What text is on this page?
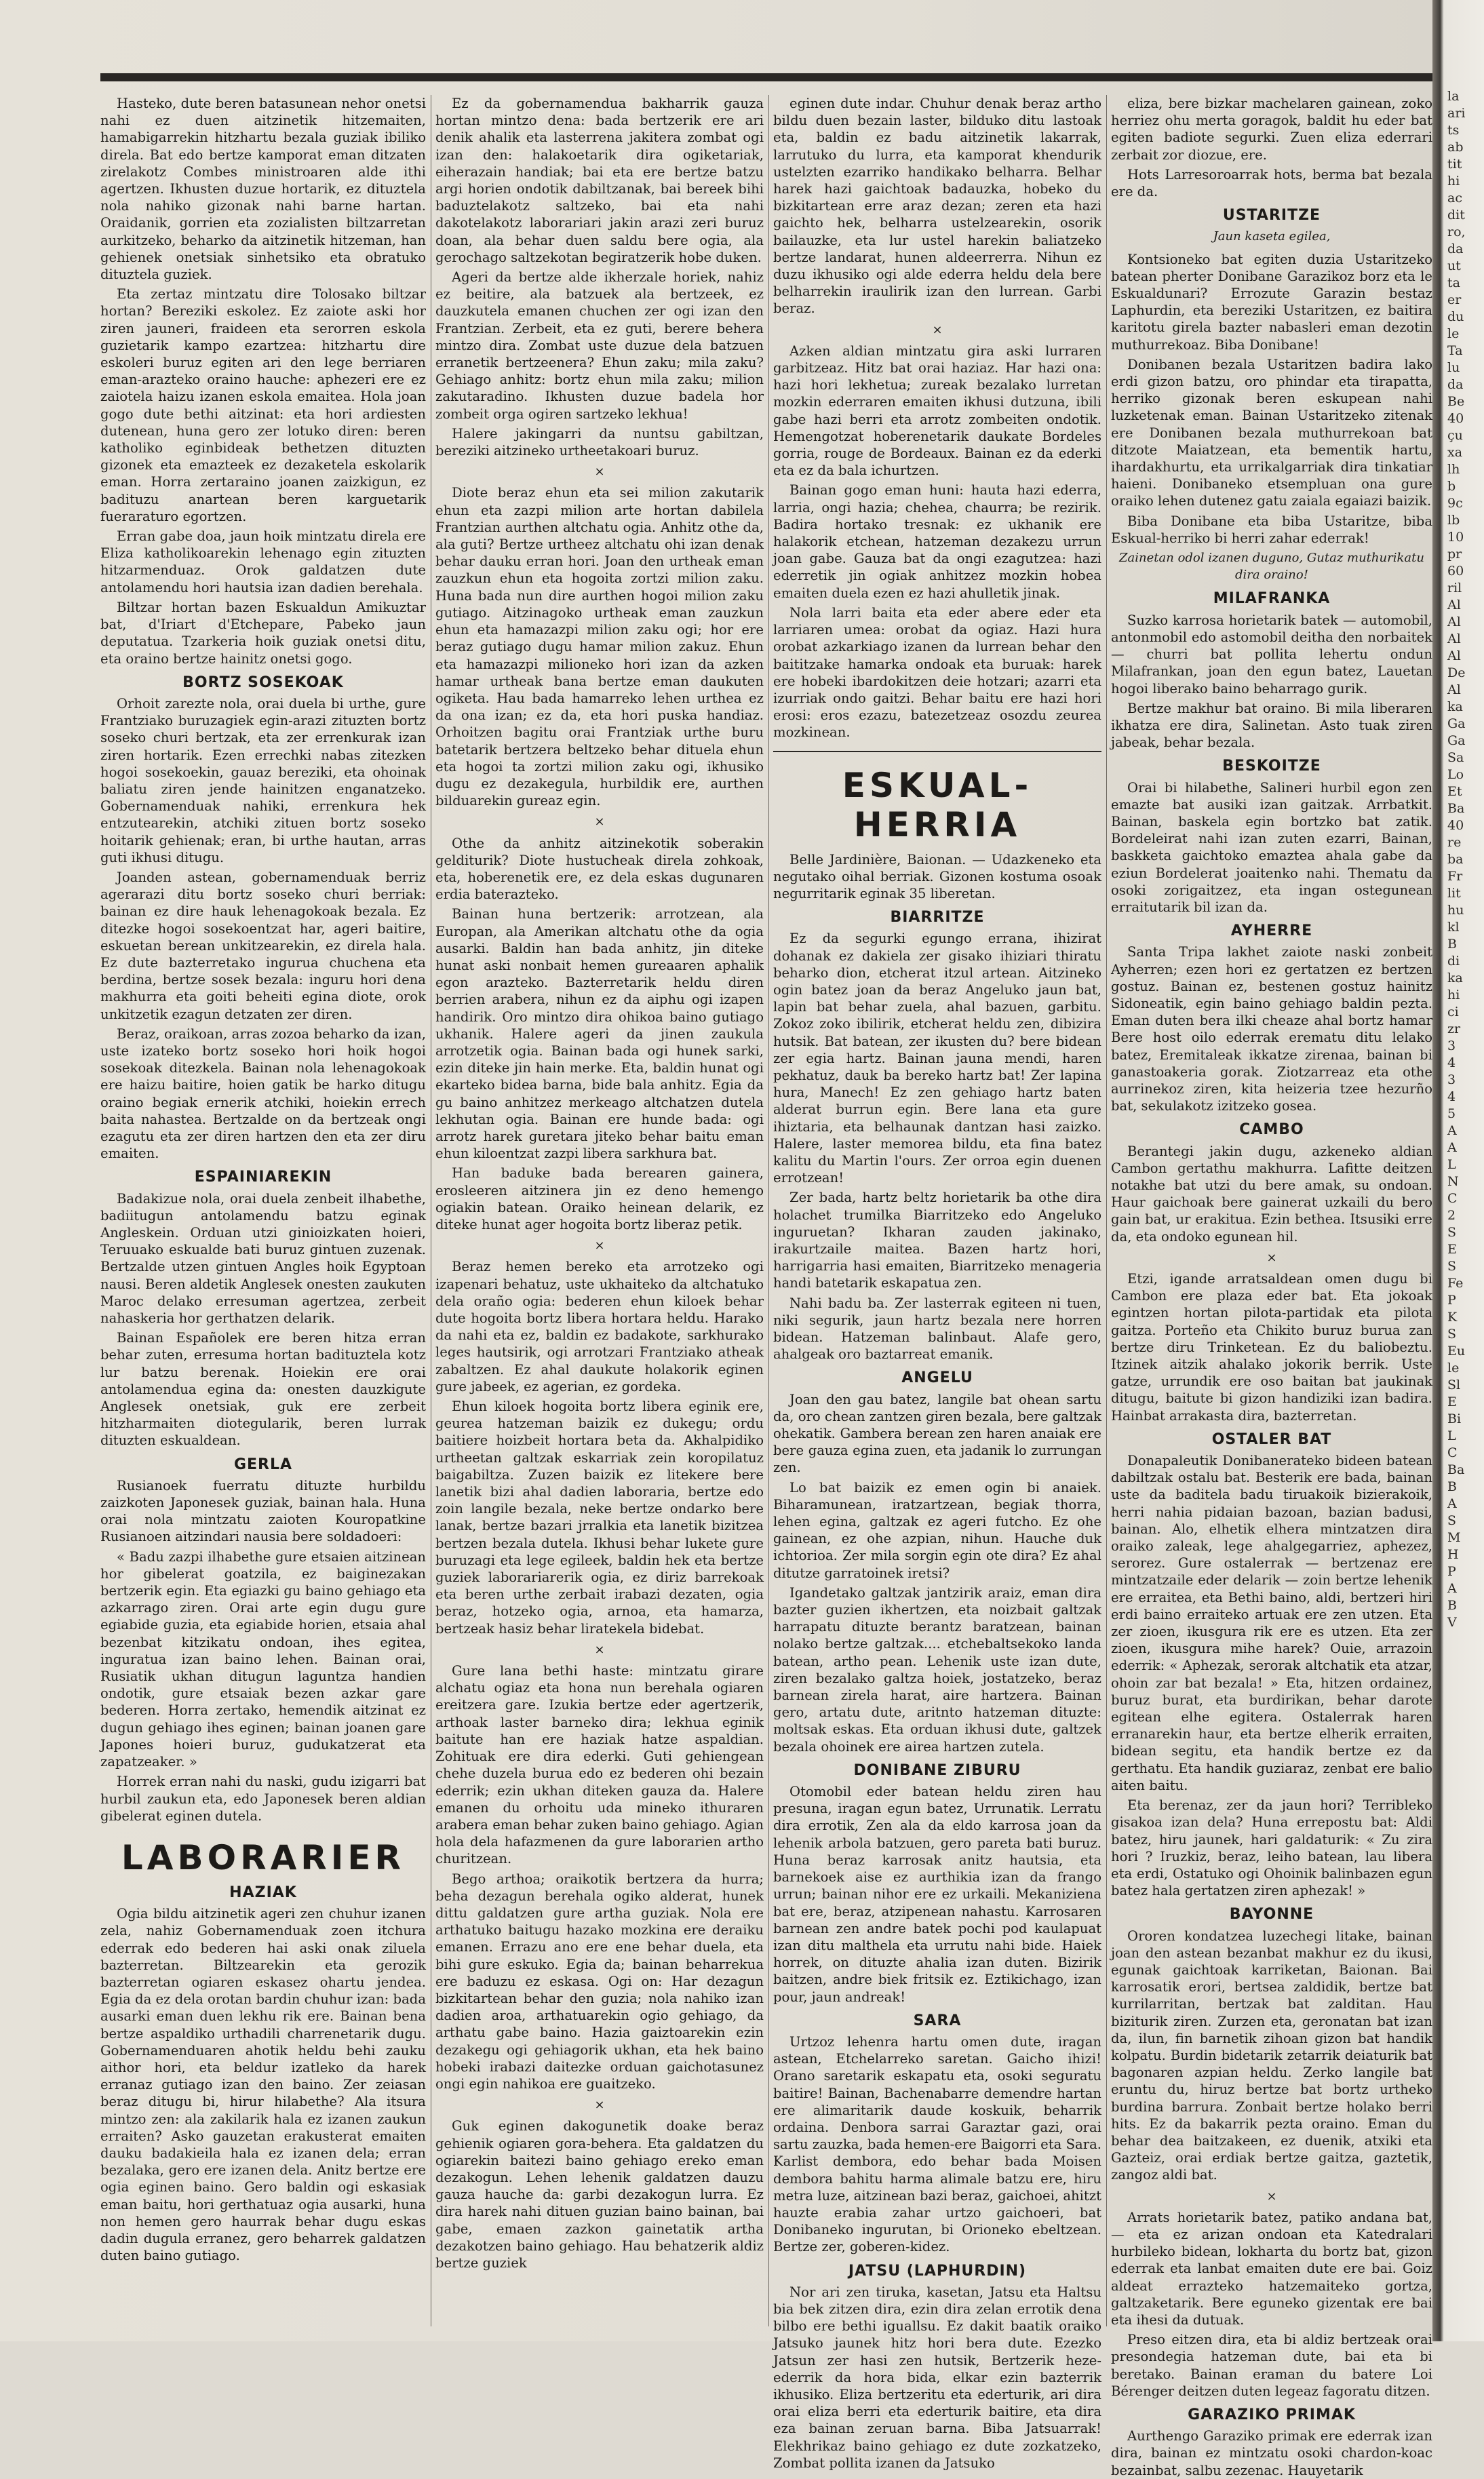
Hasteko, dute beren batasunean nehor onetsi nahi ez duen aitzinetik hitzemaiten, hamabigarrekin hitzhartu bezala guziak ibiliko direla. Bat edo bertze kamporat eman ditzaten zirelakotz Combes ministroaren alde ithi agertzen. Ikhusten duzue hortarik, ez dituztela nola nahiko gizonak nahi barne hartan. Oraidanik, gorrien eta zozialisten biltzarretan aurkitzeko, beharko da aitzinetik hitzeman, han gehienek onetsiak sinhetsiko eta obratuko dituztela guziek.

Eta zertaz mintzatu dire Tolosako biltzar hortan? Bereziki eskolez. Ez zaiote aski hor ziren jauneri, fraideen eta serorren eskola guzietarik kampo ezartzea: hitzhartu dire eskoleri buruz egiten ari den lege berriaren eman-arazteko oraino hauche: aphezeri ere ez zaiotela haizu izanen eskola emaitea. Hola joan gogo dute bethi aitzinat: eta hori ardiesten dutenean, huna gero zer lotuko diren: beren katholiko eginbideak bethetzen dituzten gizonek eta emazteek ez dezaketela eskolarik eman. Horra zertaraino joanen zaizkigun, ez badituzu anartean beren karguetarik fueraraturo egortzen.

Erran gabe doa, jaun hoik mintzatu direla ere Eliza katholikoarekin lehenago egin zituzten hitzarmenduaz. Orok galdatzen dute antolamendu hori hautsia izan dadien berehala.

Biltzar hortan bazen Eskualdun Amikuztar bat, d'Iriart d'Etchepare, Pabeko jaun deputatua. Tzarkeria hoik guziak onetsi ditu, eta oraino bertze hainitz onetsi gogo.

BORTZ SOSEKOAK

Orhoit zarezte nola, orai duela bi urthe, gure Frantziako buruzagiek egin-arazi zituzten bortz soseko churi bertzak, eta zer errenkurak izan ziren hortarik. Ezen errechki nabas zitezken hogoi sosekoekin, gauaz bereziki, eta ohoinak baliatu ziren jende hainitzen enganatzeko. Gobernamenduak nahiki, errenkura hek entzutearekin, atchiki zituen bortz soseko hoitarik gehienak; eran, bi urthe hautan, arras guti ikhusi ditugu.

Joanden astean, gobernamenduak berriz agerarazi ditu bortz soseko churi berriak: bainan ez dire hauk lehenagokoak bezala. Ez ditezke hogoi sosekoentzat har, ageri baitire, eskuetan berean unkitzearekin, ez direla hala. Ez dute bazterretako ingurua chuchena eta berdina, bertze sosek bezala: inguru hori dena makhurra eta goiti beheiti egina diote, orok unkitzetik ezagun detzaten zer diren.

Beraz, oraikoan, arras zozoa beharko da izan, uste izateko bortz soseko hori hoik hogoi sosekoak ditezkela. Bainan nola lehenagokoak ere haizu baitire, hoien gatik be harko ditugu oraino begiak ernerik atchiki, hoiekin errech baita nahastea. Bertzalde on da bertzeak ongi ezagutu eta zer diren hartzen den eta zer diru emaiten.

ESPAINIAREKIN

Badakizue nola, orai duela zenbeit ilhabethe, badiitugun antolamendu batzu eginak Angleskein. Orduan utzi ginioizkaten hoieri, Teruuako eskualde bati buruz gintuen zuzenak. Bertzalde utzen gintuen Angles hoik Egyptoan nausi. Beren aldetik Anglesek onesten zaukuten Maroc delako erresuman agertzea, zerbeit nahaskeria hor gerthatzen delarik.

Bainan Españolek ere beren hitza erran behar zuten, erresuma hortan badituztela kotz lur batzu berenak. Hoiekin ere orai antolamendua egina da: onesten dauzkigute Anglesek onetsiak, guk ere zerbeit hitzharmaiten diotegularik, beren lurrak dituzten eskualdean.

GERLA

Rusianoek fuerratu dituzte hurbildu zaizkoten Japonesek guziak, bainan hala. Huna orai nola mintzatu zaioten Kouropatkine Rusianoen aitzindari nausia bere soldadoeri:

« Badu zazpi ilhabethe gure etsaien aitzinean hor gibelerat goatzila, ez baiginezakan bertzerik egin. Eta egiazki gu baino gehiago eta azkarrago ziren. Orai arte egin dugu gure egiabide guzia, eta egiabide horien, etsaia ahal bezenbat kitzikatu ondoan, ihes egitea, inguratua izan baino lehen. Bainan orai, Rusiatik ukhan ditugun laguntza handien ondotik, gure etsaiak bezen azkar gare bederen. Horra zertako, hemendik aitzinat ez dugun gehiago ihes eginen; bainan joanen gare Japones hoieri buruz, gudukatzerat eta zapatzeaker. »

Horrek erran nahi du naski, gudu izigarri bat hurbil zaukun eta, edo Japonesek beren aldian gibelerat eginen dutela.

LABORARIER
HAZIAK

Ogia bildu aitzinetik ageri zen chuhur izanen zela, nahiz Gobernamenduak zoen itchura ederrak edo bederen hai aski onak ziluela bazterretan. Biltzearekin eta gerozik bazterretan ogiaren eskasez ohartu jendea. Egia da ez dela orotan bardin chuhur izan: bada ausarki eman duen lekhu rik ere. Bainan bena bertze aspaldiko urthadili charrenetarik dugu. Gobernamenduaren ahotik heldu behi zauku aithor hori, eta beldur izatleko da harek erranaz gutiago izan den baino. Zer zeiasan beraz ditugu bi, hirur hilabethe? Ala itsura mintzo zen: ala zakilarik hala ez izanen zaukun erraiten? Asko gauzetan erakusterat emaiten dauku badakieila hala ez izanen dela; erran bezalaka, gero ere izanen dela. Anitz bertze ere ogia eginen baino. Gero baldin ogi eskasiak eman baitu, hori gerthatuaz ogia ausarki, huna non hemen gero haurrak behar dugu eskas dadin dugula erranez, gero beharrek galdatzen duten baino gutiago.

Ez da gobernamendua bakharrik gauza hortan mintzo dena: bada bertzerik ere ari denik ahalik eta lasterrena jakitera zombat ogi izan den: halakoetarik dira ogiketariak, eiherazain handiak; bai eta ere bertze batzu argi horien ondotik dabiltzanak, bai bereek bihi baduztelakotz saltzeko, bai eta nahi dakotelakotz laborariari jakin arazi zeri buruz doan, ala behar duen saldu bere ogia, ala gerochago saltzekotan begiratzerik hobe duken.

Ageri da bertze alde ikherzale horiek, nahiz ez beitire, ala batzuek ala bertzeek, ez dauzkutela emanen chuchen zer ogi izan den Frantzian. Zerbeit, eta ez guti, berere behera mintzo dira. Zombat uste duzue dela batzuen erranetik bertzeenera? Ehun zaku; mila zaku? Gehiago anhitz: bortz ehun mila zaku; milion zakutaradino. Ikhusten duzue badela hor zombeit orga ogiren sartzeko lekhua!

Halere jakingarri da nuntsu gabiltzan, bereziki aitzineko urtheetakoari buruz.

×

Diote beraz ehun eta sei milion zakutarik ehun eta zazpi milion arte hortan dabilela Frantzian aurthen altchatu ogia. Anhitz othe da, ala guti? Bertze urtheez altchatu ohi izan denak behar dauku erran hori. Joan den urtheak eman zauzkun ehun eta hogoita zortzi milion zaku. Huna bada nun dire aurthen hogoi milion zaku gutiago. Aitzinagoko urtheak eman zauzkun ehun eta hamazazpi milion zaku ogi; hor ere beraz gutiago dugu hamar milion zakuz. Ehun eta hamazazpi milioneko hori izan da azken hamar urtheak bana bertze eman daukuten ogiketa. Hau bada hamarreko lehen urthea ez da ona izan; ez da, eta hori puska handiaz. Orhoitzen bagitu orai Frantziak urthe buru batetarik bertzera beltzeko behar dituela ehun eta hogoi ta zortzi milion zaku ogi, ikhusiko dugu ez dezakegula, hurbildik ere, aurthen bilduarekin gureaz egin.

×

Othe da anhitz aitzinekotik soberakin gelditurik? Diote hustucheak direla zohkoak, eta, hoberenetik ere, ez dela eskas dugunaren erdia baterazteko.

Bainan huna bertzerik: arrotzean, ala Europan, ala Amerikan altchatu othe da ogia ausarki. Baldin han bada anhitz, jin diteke hunat aski nonbait hemen gureaaren aphalik egon arazteko. Bazterretarik heldu diren berrien arabera, nihun ez da aiphu ogi izapen handirik. Oro mintzo dira ohikoa baino gutiago ukhanik. Halere ageri da jinen zaukula arrotzetik ogia. Bainan bada ogi hunek sarki, ezin diteke jin hain merke. Eta, baldin hunat ogi ekarteko bidea barna, bide bala anhitz. Egia da gu baino anhitzez merkeago altchatzen dutela lekhutan ogia. Bainan ere hunde bada: ogi arrotz harek guretara jiteko behar baitu eman ehun kiloentzat zazpi libera sarkhura bat.

Han baduke bada berearen gainera, erosleeren aitzinera jin ez deno hemengo ogiakin batean. Oraiko heinean delarik, ez diteke hunat ager hogoita bortz liberaz petik.

×

Beraz hemen bereko eta arrotzeko ogi izapenari behatuz, uste ukhaiteko da altchatuko dela oraño ogia: bederen ehun kiloek behar dute hogoita bortz libera hortara heldu. Harako da nahi eta ez, baldin ez badakote, sarkhurako leges hautsirik, ogi arrotzari Frantziako atheak zabaltzen. Ez ahal daukute holakorik eginen gure jabeek, ez agerian, ez gordeka.

Ehun kiloek hogoita bortz libera eginik ere, geurea hatzeman baizik ez dukegu; ordu baitiere hoizbeit hortara beta da. Akhalpidiko urtheetan galtzak eskarriak zein koropilatuz baigabiltza. Zuzen baizik ez litekere bere lanetik bizi ahal dadien laboraria, bertze edo zoin langile bezala, neke bertze ondarko bere lanak, bertze bazari jrralkia eta lanetik bizitzea bertzen bezala dutela. Ikhusi behar lukete gure buruzagi eta lege egileek, baldin hek eta bertze guziek laborariarerik ogia, ez diriz barrekoak eta beren urthe zerbait irabazi dezaten, ogia beraz, hotzeko ogia, arnoa, eta hamarza, bertzeak hasiz behar liratekela bidebat.

×

Gure lana bethi haste: mintzatu girare alchatu ogiaz eta hona nun berehala ogiaren ereitzera gare. Izukia bertze eder agertzerik, arthoak laster barneko dira; lekhua eginik baitute han ere haziak hatze aspaldian. Zohituak ere dira ederki. Guti gehiengean chehe duzela burua edo ez bederen ohi bezain ederrik; ezin ukhan diteken gauza da. Halere emanen du orhoitu uda mineko ithuraren arabera eman behar zuken baino gehiago. Agian hola dela hafazmenen da gure laborarien artho churitzean.

Bego arthoa; oraikotik bertzera da hurra; beha dezagun berehala ogiko alderat, hunek dittu galdatzen gure artha guziak. Nola ere arthatuko baitugu hazako mozkina ere deraiku emanen. Errazu ano ere ene behar duela, eta bihi gure eskuko. Egia da; bainan beharrekua ere baduzu ez eskasa. Ogi on: Har dezagun bizkitartean behar den guzia; nola nahiko izan dadien aroa, arthatuarekin ogio gehiago, da arthatu gabe baino. Hazia gaiztoarekin ezin dezakegu ogi gehiagorik ukhan, eta hek baino hobeki irabazi daitezke orduan gaichotasunez ongi egin nahikoa ere guaitzeko.

×

Guk eginen dakogunetik doake beraz gehienik ogiaren gora-behera. Eta galdatzen du ogiarekin baitezi baino gehiago ereko eman dezakogun. Lehen lehenik galdatzen dauzu gauza hauche da: garbi dezakogun lurra. Ez dira harek nahi dituen guzian baino bainan, bai gabe, emaen zazkon gainetatik artha dezakotzen baino gehiago. Hau behatzerik aldiz bertze guziek

eginen dute indar. Chuhur denak beraz artho bildu duen bezain laster, bilduko ditu lastoak eta, baldin ez badu aitzinetik lakarrak, larrutuko du lurra, eta kamporat khendurik ustelzten ezarriko handikako belharra. Belhar harek hazi gaichtoak badauzka, hobeko du bizkitartean erre araz dezan; zeren eta hazi gaichto hek, belharra ustelzearekin, osorik bailauzke, eta lur ustel harekin baliatzeko bertze landarat, hunen aldeerrerra. Nihun ez duzu ikhusiko ogi alde ederra heldu dela bere belharrekin iraulirik izan den lurrean. Garbi beraz.

×

Azken aldian mintzatu gira aski lurraren garbitzeaz. Hitz bat orai haziaz. Har hazi ona: hazi hori lekhetua; zureak bezalako lurretan mozkin ederraren emaiten ikhusi dutzuna, ibili gabe hazi berri eta arrotz zombeiten ondotik. Hemengotzat hoberenetarik daukate Bordeles gorria, rouge de Bordeaux. Bainan ez da ederki eta ez da bala ichurtzen.

Bainan gogo eman huni: hauta hazi ederra, larria, ongi hazia; chehea, chaurra; be rezirik. Badira hortako tresnak: ez ukhanik ere halakorik etchean, hatzeman dezakezu urrun joan gabe. Gauza bat da ongi ezagutzea: hazi ederretik jin ogiak anhitzez mozkin hobea emaiten duela ezen ez hazi ahulletik jinak.

Nola larri baita eta eder abere eder eta larriaren umea: orobat da ogiaz. Hazi hura orobat azkarkiago izanen da lurrean behar den baititzake hamarka ondoak eta buruak: harek ere hobeki ibardokitzen deie hotzari; azarri eta izurriak ondo gaitzi. Behar baitu ere hazi hori erosi: eros ezazu, batezetzeaz osozdu zeurea mozkinean.

ESKUAL-HERRIA

Belle Jardinière, Baionan. — Udazkeneko eta negutako oihal berriak. Gizonen kostuma osoak negurritarik eginak 35 liberetan.

BIARRITZE

Ez da segurki egungo errana, ihizirat dohanak ez dakiela zer gisako ihiziari thiratu beharko dion, etcherat itzul artean. Aitzineko ogin batez joan da beraz Angeluko jaun bat, lapin bat behar zuela, ahal bazuen, garbitu. Zokoz zoko ibilirik, etcherat heldu zen, dibizira hutsik. Bat batean, zer ikusten du? bere bidean zer egia hartz. Bainan jauna mendi, haren pekhatuz, dauk ba bereko hartz bat! Zer lapina hura, Manech! Ez zen gehiago hartz baten alderat burrun egin. Bere lana eta gure ihiztaria, eta belhaunak dantzan hasi zaizko. Halere, laster memorea bildu, eta fina batez kalitu du Martin l'ours. Zer orroa egin duenen errotzean!

Zer bada, hartz beltz horietarik ba othe dira holachet trumilka Biarritzeko edo Angeluko inguruetan? Ikharan zauden jakinako, irakurtzaile maitea. Bazen hartz hori, harrigarria hasi emaiten, Biarritzeko menageria handi batetarik eskapatua zen.

Nahi badu ba. Zer lasterrak egiteen ni tuen, niki segurik, jaun hartz bezala nere horren bidean. Hatzeman balinbaut. Alafe gero, ahalgeak oro baztarreat emanik.

ANGELU

Joan den gau batez, langile bat ohean sartu da, oro chean zantzen giren bezala, bere galtzak ohekatik. Gambera berean zen haren anaiak ere bere gauza egina zuen, eta jadanik lo zurrungan zen.

Lo bat baizik ez emen ogin bi anaiek. Biharamunean, iratzartzean, begiak thorra, lehen egina, galtzak ez ageri futcho. Ez ohe gainean, ez ohe azpian, nihun. Hauche duk ichtorioa. Zer mila sorgin egin ote dira? Ez ahal ditutze garratoinek iretsi?

Igandetako galtzak jantzirik araiz, eman dira bazter guzien ikhertzen, eta noizbait galtzak harrapatu dituzte berantz baratzean, bainan nolako bertze galtzak.... etchebaltsekoko landa batean, artho pean. Lehenik uste izan dute, ziren bezalako galtza hoiek, jostatzeko, beraz barnean zirela harat, aire hartzera. Bainan gero, artatu dute, aritnto hatzeman dituzte: moltsak eskas. Eta orduan ikhusi dute, galtzek bezala ohoinek ere airea hartzen zutela.

DONIBANE ZIBURU

Otomobil eder batean heldu ziren hau presuna, iragan egun batez, Urrunatik. Lerratu dira errotik, Zen ala da eldo karrosa joan da lehenik arbola batzuen, gero pareta bati buruz. Huna beraz karrosak anitz hautsia, eta barnekoek aise ez aurthikia izan da frango urrun; bainan nihor ere ez urkaili. Mekaniziena bat ere, beraz, atzipenean nahastu. Karrosaren barnean zen andre batek pochi pod kaulapuat izan ditu malthela eta urrutu nahi bide. Haiek horrek, on dituzte ahalia izan duten. Bizirik baitzen, andre biek fritsik ez. Eztikichago, izan pour, jaun andreak!

SARA

Urtzoz lehenra hartu omen dute, iragan astean, Etchelarreko saretan. Gaicho ihizi! Orano saretarik eskapatu eta, osoki seguratu baitire! Bainan, Bachenabarre demendre hartan ere alimaritarik daude koskuik, beharrik ordaina. Denbora sarrai Garaztar gazi, orai sartu zauzka, bada hemen-ere Baigorri eta Sara. Karlist dembora, edo behar bada Moisen dembora bahitu harma alimale batzu ere, hiru metra luze, aitzinean bazi beraz, gaichoei, ahitzt hauzte erabia zahar urtzo gaichoeri, bat Donibaneko ingurutan, bi Orioneko ebeltzean. Bertze zer, goberen-kidez.

JATSU (LAPHURDIN)

Nor ari zen tiruka, kasetan, Jatsu eta Haltsu bia bek zitzen dira, ezin dira zelan errotik dena bilbo ere bethi iguallsu. Ez dakit baatik oraiko Jatsuko jaunek hitz hori bera dute. Ezezko Jatsun zer hasi zen hutsik, Bertzerik heze-ederrik da hora bida, elkar ezin bazterrik ikhusiko. Eliza bertzeritu eta ederturik, ari dira orai eliza berri eta ederturik baitire, eta dira eza bainan zeruan barna. Biba Jatsuarrak! Elekhrikaz baino gehiago ez dute zozkatzeko, Zombat pollita izanen da Jatsuko

eliza, bere bizkar machelaren gainean, zoko herriez ohu merta goragok, baldit hu eder bat egiten badiote segurki. Zuen eliza ederrari zerbait zor diozue, ere.

Hots Larresoroarrak hots, berma bat bezala ere da.

USTARITZE
Jaun kaseta egilea,

Kontsioneko bat egiten duzia Ustaritzeko batean pherter Donibane Garazikoz borz eta le Eskualdunari? Errozute Garazin bestaz Laphurdin, eta bereziki Ustaritzen, ez baitira karitotu girela bazter nabasleri eman dezotin muthurrekoaz. Biba Donibane!

Donibanen bezala Ustaritzen badira lako erdi gizon batzu, oro phindar eta tirapatta, herriko gizonak beren eskupean nahi luzketenak eman. Bainan Ustaritzeko zitenak ere Donibanen bezala muthurrekoan bat ditzote Maiatzean, eta bementik hartu, ihardakhurtu, eta urrikalgarriak dira tinkatiar haieni. Donibaneko etsempluan ona gure oraiko lehen dutenez gatu zaiala egaiazi baizik.

Biba Donibane eta biba Ustaritze, biba Eskual-herriko bi herri zahar ederrak!

Zainetan odol izanen duguno, Gutaz muthurikatu dira oraino!
MILAFRANKA

Suzko karrosa horietarik batek — automobil, antonmobil edo astomobil deitha den norbaitek — churri bat pollita lehertu ondun Milafrankan, joan den egun batez, Lauetan hogoi liberako baino beharrago gurik.

Bertze makhur bat oraino. Bi mila liberaren ikhatza ere dira, Salinetan. Asto tuak ziren jabeak, behar bezala.

BESKOITZE

Orai bi hilabethe, Salineri hurbil egon zen emazte bat ausiki izan gaitzak. Arrbatkit. Bainan, baskela egin bortzko bat zatik. Bordeleirat nahi izan zuten ezarri, Bainan, baskketa gaichtoko emaztea ahala gabe da eziun Bordelerat joaitenko nahi. Thematu da osoki zorigaitzez, eta ingan ostegunean erraitutarik bil izan da.

AYHERRE

Santa Tripa lakhet zaiote naski zonbeit Ayherren; ezen hori ez gertatzen ez bertzen gostuz. Bainan ez, bestenen gostuz hainitz Sidoneatik, egin baino gehiago baldin pezta. Eman duten bera ilki cheaze ahal bortz hamar Bere host oilo ederrak erematu ditu lelako batez, Eremitaleak ikkatze zirenaa, bainan bi ganastoakeria gorak. Ziotzarreaz eta othe aurrinekoz ziren, kita heizeria tzee hezurño bat, sekulakotz izitzeko gosea.

CAMBO

Berantegi jakin dugu, azkeneko aldian Cambon gertathu makhurra. Lafitte deitzen notakhe bat utzi du bere amak, su ondoan. Haur gaichoak bere gainerat uzkaili du bero gain bat, ur erakitua. Ezin bethea. Itsusiki erre da, eta ondoko egunean hil.

×

Etzi, igande arratsaldean omen dugu bi Cambon ere plaza eder bat. Eta jokoak egintzen hortan pilota-partidak eta pilota gaitza. Porteño eta Chikito buruz burua zan bertze diru Trinketean. Ez du baliobeztu. Itzinek aitzik ahalako jokorik berrik. Uste gatze, urrundik ere oso baitan bat jaukinak ditugu, baitute bi gizon handiziki izan badira. Hainbat arrakasta dira, bazterretan.

OSTALER BAT

Donapaleutik Donibanerateko bideen batean dabiltzak ostalu bat. Besterik ere bada, bainan uste da baditela badu tiruakoik bizierakoik, herri nahia pidaian bazoan, bazian badusi, bainan. Alo, elhetik elhera mintzatzen dira oraiko zaleak, lege ahalgegarriez, aphezez, serorez. Gure ostalerrak — bertzenaz ere mintzatzaile eder delarik — zoin bertze lehenik ere erraitea, eta Bethi baino, aldi, bertzeri hiri erdi baino erraiteko artuak ere zen utzen. Eta zer zioen, ikusgura rik ere es utzen. Eta zer zioen, ikusgura mihe harek? Ouie, arrazoin ederrik: « Aphezak, serorak altchatik eta atzar, ohoin zar bat bezala! » Eta, hitzen ordainez, buruz burat, eta burdirikan, behar darote egitean elhe egitera. Ostalerrak haren erranarekin haur, eta bertze elherik erraiten, bidean segitu, eta handik bertze ez da gerthatu. Eta handik guziaraz, zenbat ere balio aiten baitu.

Eta berenaz, zer da jaun hori? Terribleko gisakoa izan dela? Huna errepostu bat: Aldi batez, hiru jaunek, hari galdaturik: « Zu zira hori ? Iruzkiz, beraz, leiho batean, lau libera eta erdi, Ostatuko ogi Ohoinik balinbazen egun batez hala gertatzen ziren aphezak! »

BAYONNE

Ororen kondatzea luzechegi litake, bainan joan den astean bezanbat makhur ez du ikusi, egunak gaichtoak karriketan, Baionan. Bai karrosatik erori, bertsea zaldidik, bertze bat kurrilarritan, bertzak bat zalditan. Hau biziturik ziren. Zurzen eta, geronatan bat izan da, ilun, fin barnetik zihoan gizon bat handik kolpatu. Burdin bidetarik zetarrik deiaturik bat bagonaren azpian heldu. Zerko langile bat eruntu du, hiruz bertze bat bortz urtheko burdina barrura. Zonbait bertze holako berri hits. Ez da bakarrik pezta oraino. Eman du behar dea baitzakeen, ez duenik, atxiki eta Gazteiz, orai erdiak bertze gaitza, gaztetik, zangoz aldi bat.

×

Arrats horietarik batez, patiko andana bat, — eta ez arizan ondoan eta Katedralari hurbileko bidean, lokharta du bortz bat, gizon ederrak eta lanbat emaiten dute ere bai. Goiz aldeat errazteko hatzemaiteko gortza, galtzaketarik. Bere eguneko gizentak ere bai eta ihesi da dutuak.

Preso eitzen dira, eta bi aldiz bertzeak orai presondegia hatzeman dute, bai eta bi beretako. Bainan eraman du batere Loi Bérenger deitzen duten legeaz fagoratu ditzen.

GARAZIKO PRIMAK

Aurthengo Garaziko primak ere ederrak izan dira, bainan ez mintzatu osoki chardon-koac bezainbat, salbu zezenac. Hauyetarik

la
ari
ts
ab
tit
hi
ac
dit
ro,
da
ut
ta
er
du
le
Ta
lu
da
Be
40
çu
xa
lh
b
9c
lb
10
pr
60
ril
Al
Al
Al
Al
De
Al
ka
Ga
Ga
Sa
Lo
Et
Ba
40
re
ba
Fr
lit
hu
kl
B
di
ka
hi
ci
zr
3
4
3
4
5
A
A
L
N
C
2
S
E
S
Fe
P
K
S
Eu
le
Sl
E
Bi
L
C
Ba
B
A
S
M
H
P
A
B
V
